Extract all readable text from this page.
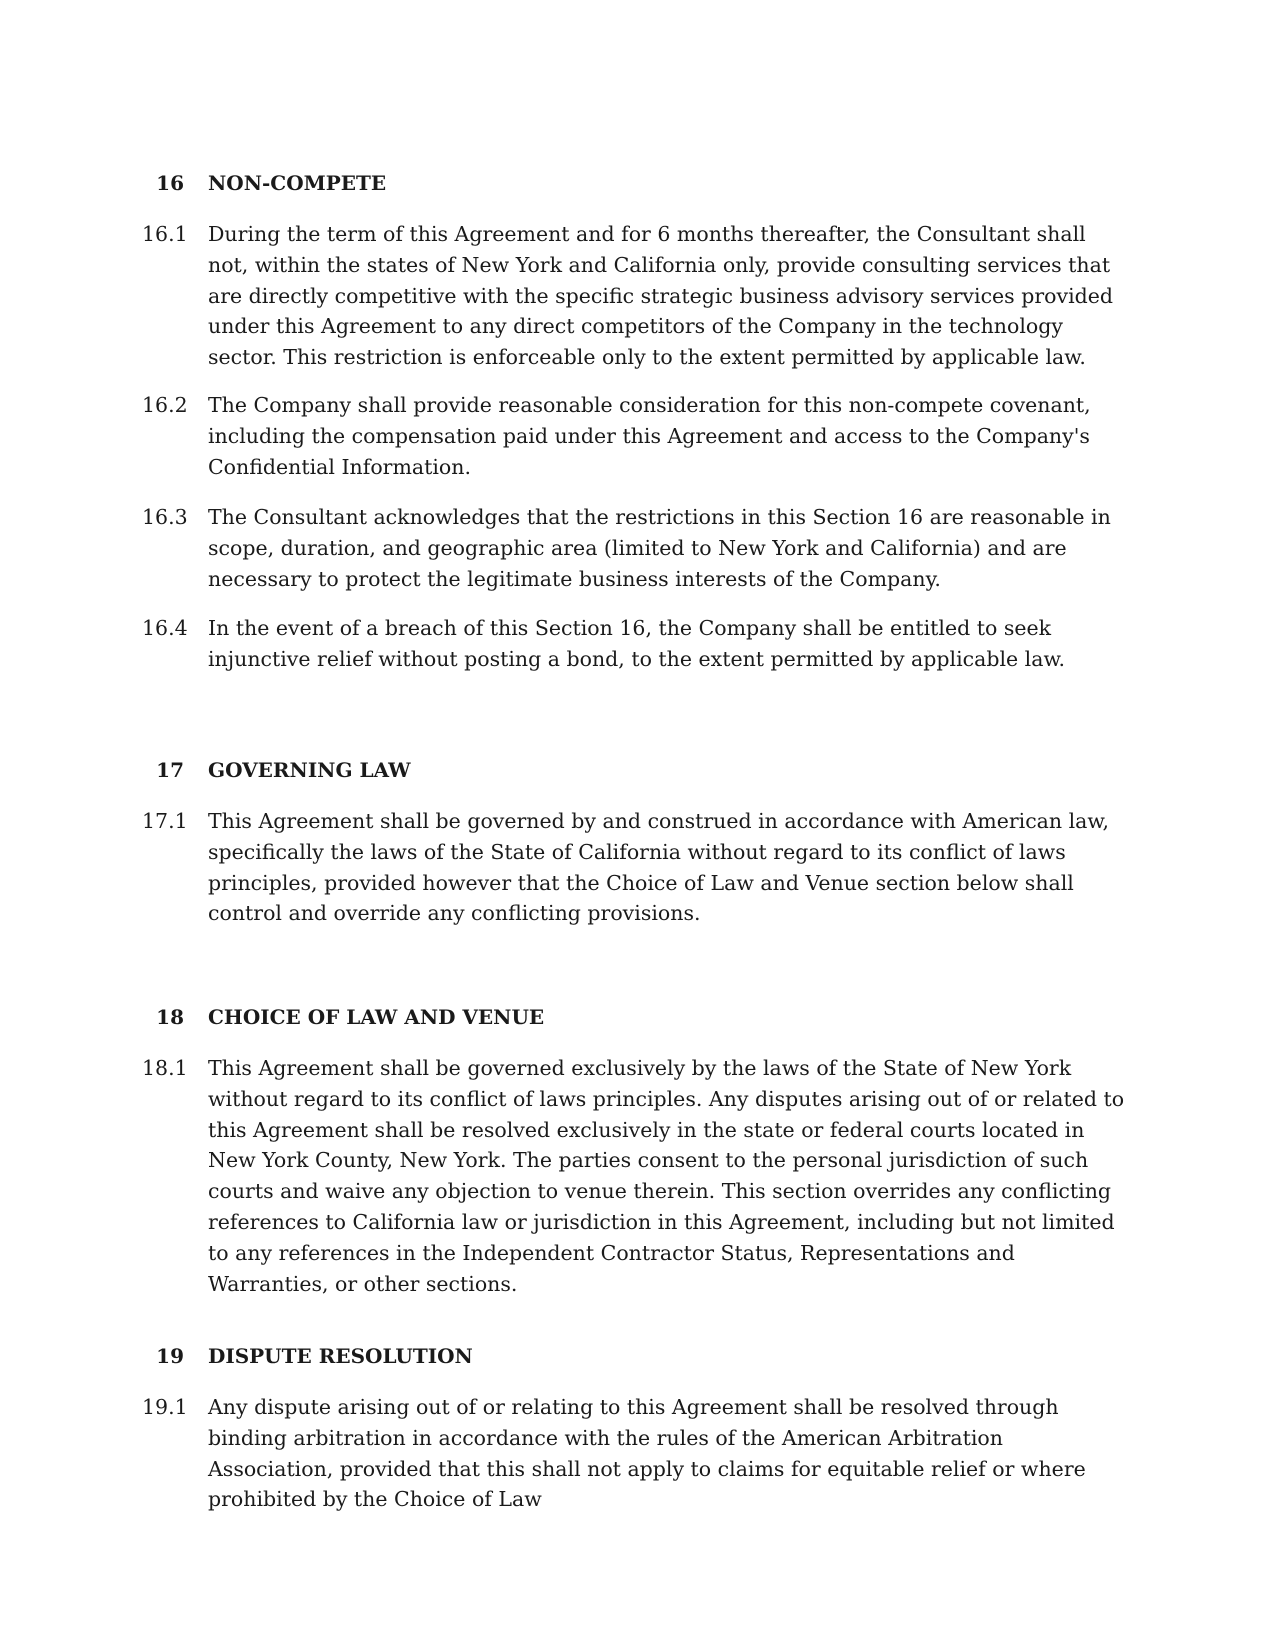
16 NON-COMPETE
16.1 During the term of this Agreement and for 6 months thereafter, the Consultant shall not, within the states of New York and California only, provide consulting services that are directly competitive with the specific strategic business advisory services provided under this Agreement to any direct competitors of the Company in the technology sector. This restriction is enforceable only to the extent permitted by applicable law.
16.2 The Company shall provide reasonable consideration for this non-compete covenant, including the compensation paid under this Agreement and access to the Company's Confidential Information.
16.3 The Consultant acknowledges that the restrictions in this Section 16 are reasonable in scope, duration, and geographic area (limited to New York and California) and are necessary to protect the legitimate business interests of the Company.
16.4 In the event of a breach of this Section 16, the Company shall be entitled to seek injunctive relief without posting a bond, to the extent permitted by applicable law.
17 GOVERNING LAW
17.1 This Agreement shall be governed by and construed in accordance with American law, specifically the laws of the State of California without regard to its conflict of laws principles, provided however that the Choice of Law and Venue section below shall control and override any conflicting provisions.
18 CHOICE OF LAW AND VENUE
18.1 This Agreement shall be governed exclusively by the laws of the State of New York without regard to its conflict of laws principles. Any disputes arising out of or related to this Agreement shall be resolved exclusively in the state or federal courts located in New York County, New York. The parties consent to the personal jurisdiction of such courts and waive any objection to venue therein. This section overrides any conflicting references to California law or jurisdiction in this Agreement, including but not limited to any references in the Independent Contractor Status, Representations and Warranties, or other sections.
19 DISPUTE RESOLUTION
19.1 Any dispute arising out of or relating to this Agreement shall be resolved through binding arbitration in accordance with the rules of the American Arbitration Association, provided that this shall not apply to claims for equitable relief or where prohibited by the Choice of Law
